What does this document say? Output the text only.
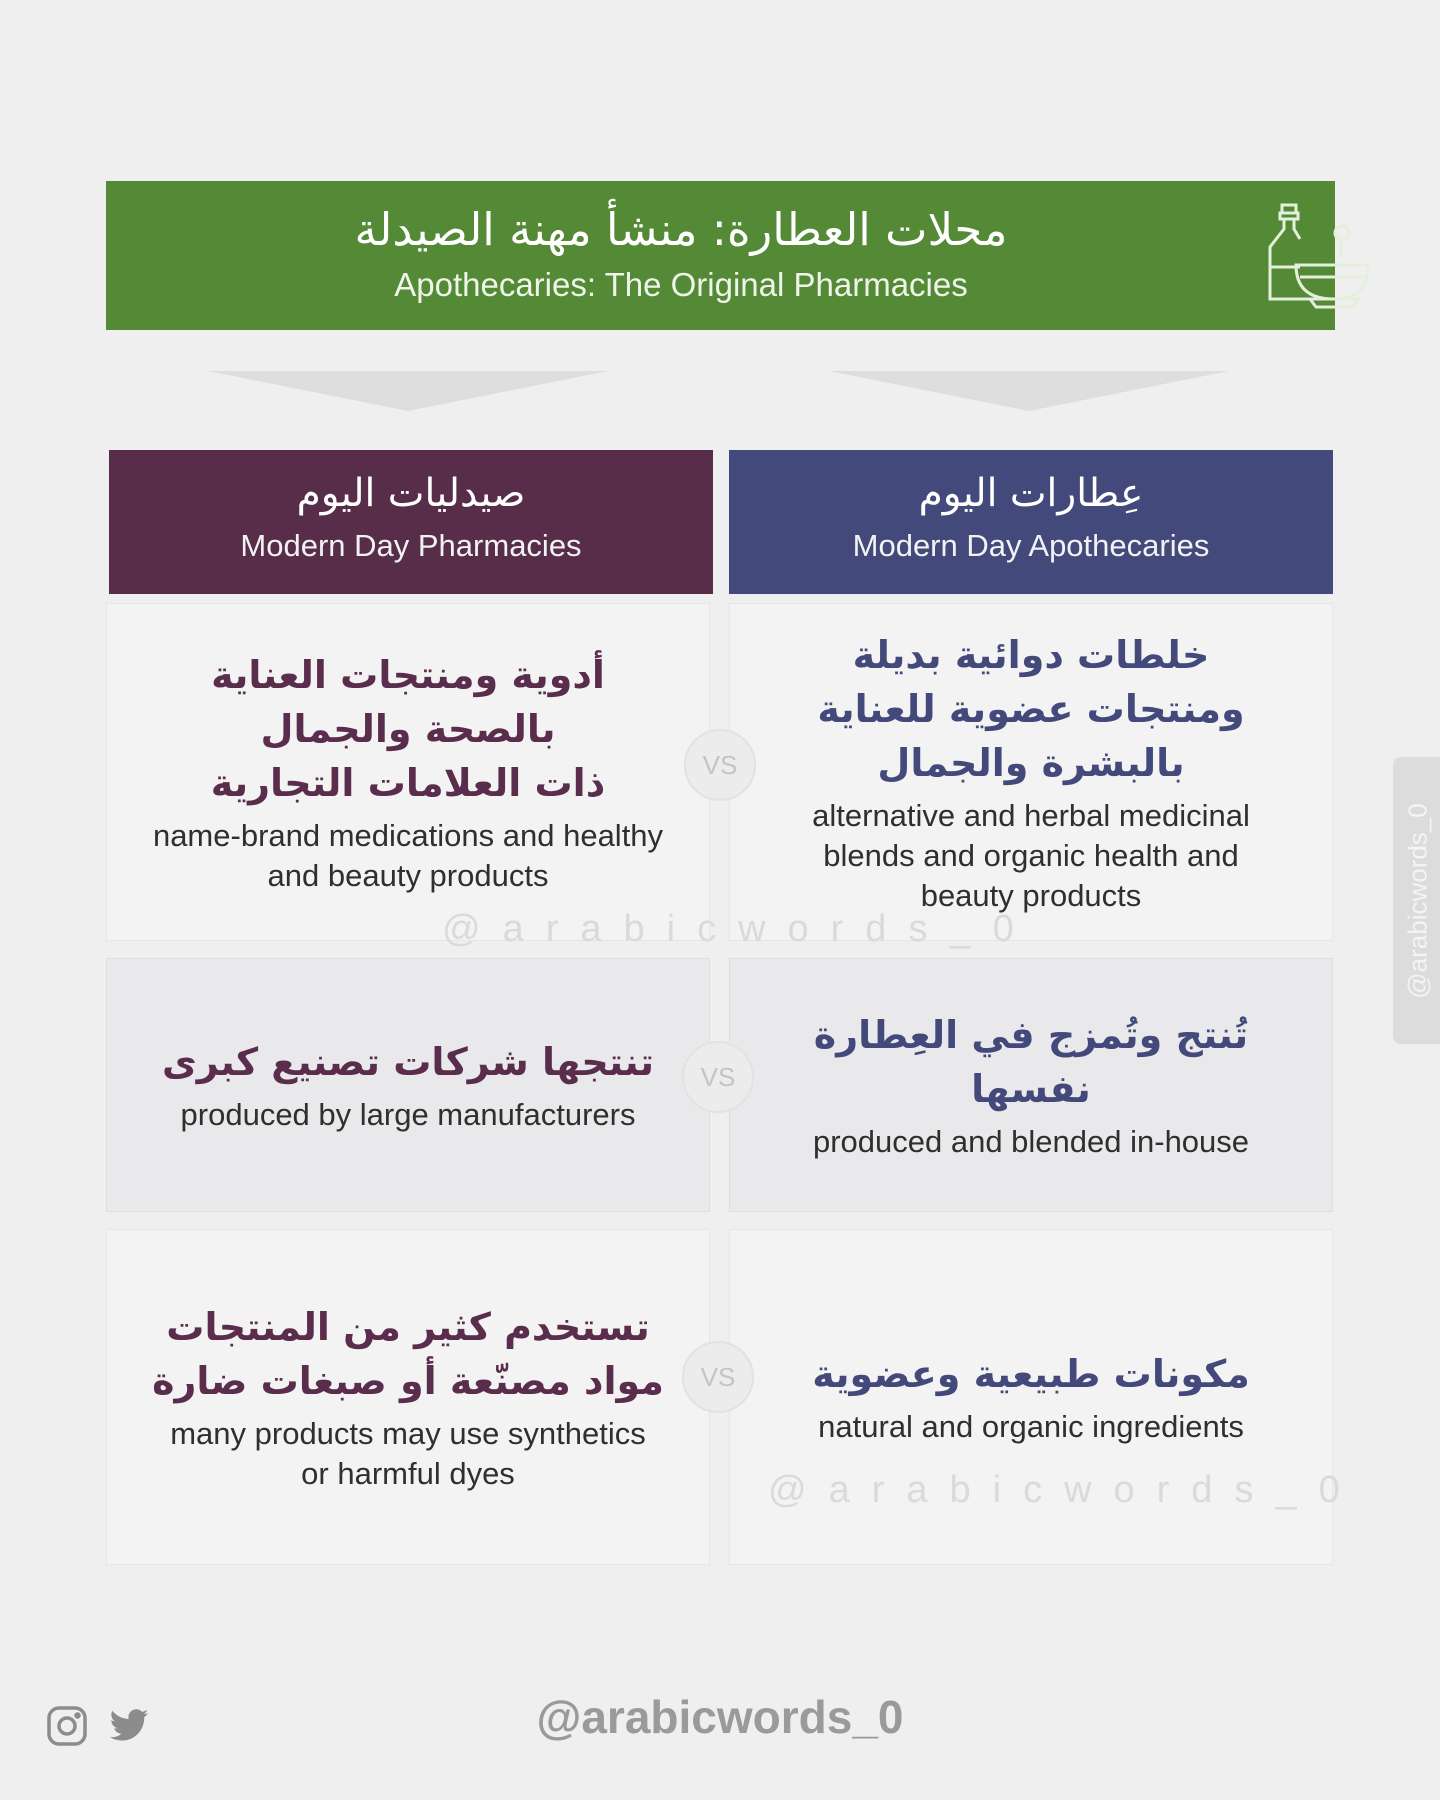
محلات العطارة: منشأ مهنة الصيدلة
Apothecaries: The Original Pharmacies
عِطارات اليوم
Modern Day Apothecaries
صيدليات اليوم
Modern Day Pharmacies
خلطات دوائية بديلة
ومنتجات عضوية للعناية
بالبشرة والجمال
alternative and herbal medicinal
blends and organic health and
beauty products
أدوية ومنتجات العناية
بالصحة والجمال
ذات العلامات التجارية
name-brand medications and healthy
and beauty products
VS
تُنتج وتُمزج في العِطارة
نفسها
produced and blended in-house
تنتجها شركات تصنيع كبرى
produced by large manufacturers
VS
مكونات طبيعية وعضوية
natural and organic ingredients
تستخدم كثير من المنتجات
مواد مصنّعة أو صبغات ضارة
many products may use synthetics
or harmful dyes
VS
@arabicwords_0
@arabicwords_0
@arabicwords_0
@arabicwords_0
